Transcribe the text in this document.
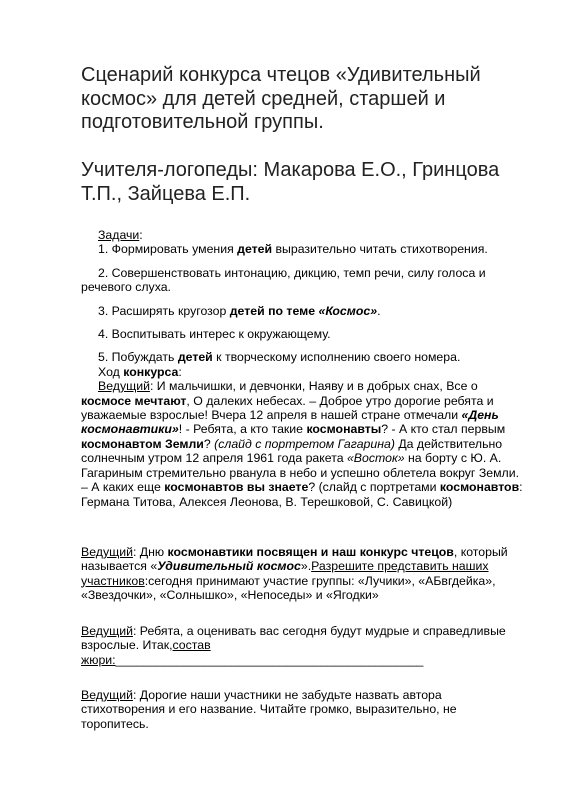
Сценарий конкурса чтецов «Удивительный космос» для детей средней, старшей и подготовительной группы.
Учителя-логопеды: Макарова Е.О., Гринцова Т.П., Зайцева Е.П.
Задачи:
1. Формировать умения детей выразительно читать стихотворения.

2. Совершенствовать интонацию, дикцию, темп речи, силу голоса и речевого слуха.

3. Расширять кругозор детей по теме «Космос».
4. Воспитывать интерес к окружающему.
5. Побуждать детей к творческому исполнению своего номера.
Ход конкурса:

Ведущий: И мальчишки, и девчонки, Наяву и в добрых снах, Все о космосе мечтают, О далеких небесах. – Доброе утро дорогие ребята и уважаемые взрослые! Вчера 12 апреля в нашей стране отмечали «День космонавтики»! - Ребята, а кто такие космонавты? - А кто стал первым космонавтом Земли? (слайд с портретом Гагарина) Да действительно солнечным утром 12 апреля 1961 года ракета «Восток» на борту с Ю. А. Гагариным стремительно рванула в небо и успешно облетела вокруг Земли. – А каких еще космонавтов вы знаете? (слайд с портретами космонавтов: Германа Титова, Алексея Леонова, В. Терешковой, С. Савицкой)

Ведущий: Дню космонавтики посвящен и наш конкурс чтецов, который называется «Удивительный космос».Разрешите представить наших участников:сегодня принимают участие группы: «Лучики», «АБвгдейка», «Звездочки», «Солнышко», «Непоседы» и «Ягодки»
Ведущий: Ребята, а оценивать вас сегодня будут мудрые и справедливые взрослые. Итак,состав жюри:_____________________________________________
Ведущий: Дорогие наши участники не забудьте назвать автора стихотворения и его название. Читайте громко, выразительно, не торопитесь.
